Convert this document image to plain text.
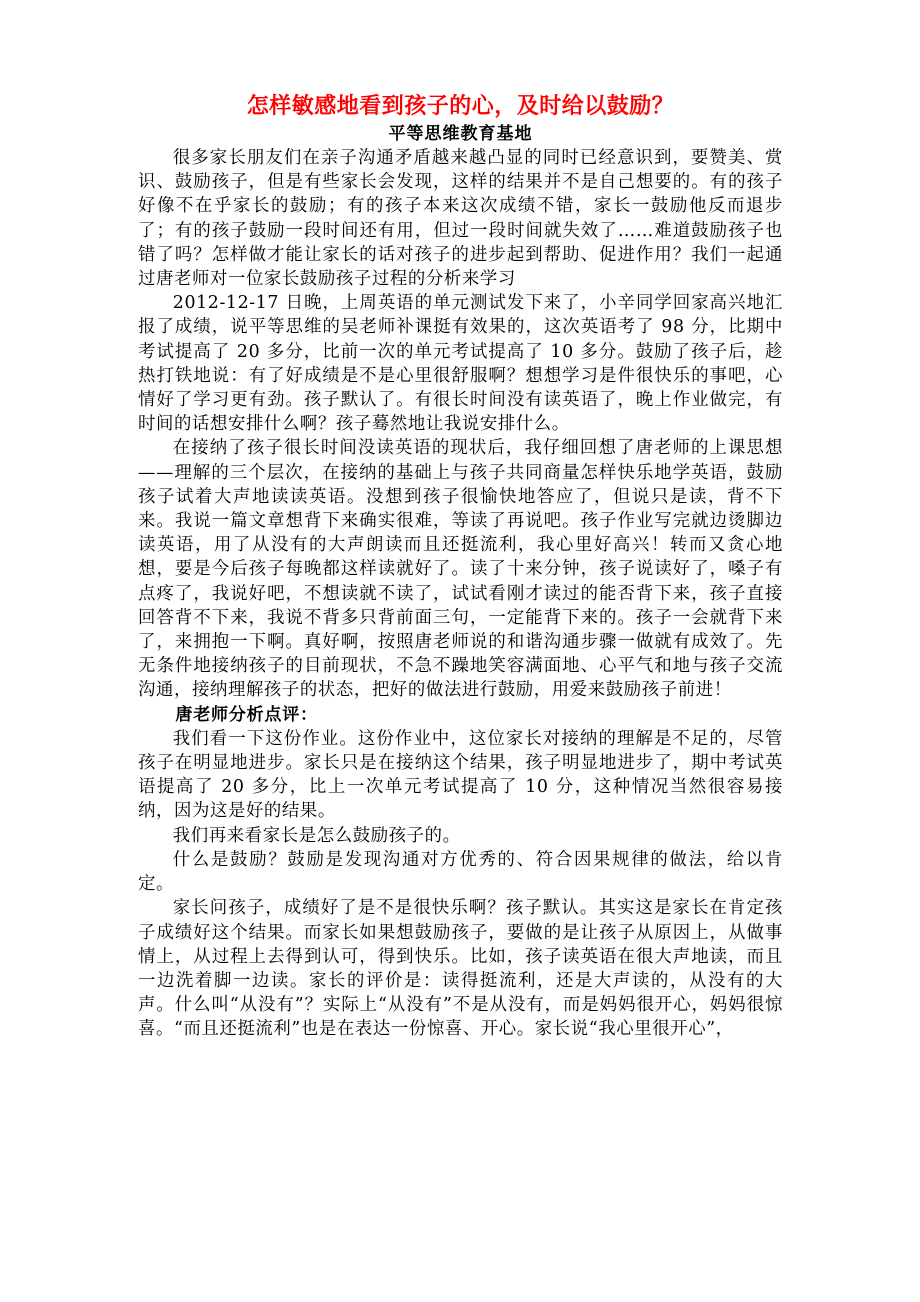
怎样敏感地看到孩子的心，及时给以鼓励？
平等思维教育基地

很多家长朋友们在亲子沟通矛盾越来越凸显的同时已经意识到，要赞美、赏识、鼓励孩子，但是有些家长会发现，这样的结果并不是自己想要的。有的孩子好像不在乎家长的鼓励；有的孩子本来这次成绩不错，家长一鼓励他反而退步了；有的孩子鼓励一段时间还有用，但过一段时间就失效了……难道鼓励孩子也错了吗？怎样做才能让家长的话对孩子的进步起到帮助、促进作用？我们一起通过唐老师对一位家长鼓励孩子过程的分析来学习

2012-12-17 日晚，上周英语的单元测试发下来了，小辛同学回家高兴地汇报了成绩，说平等思维的吴老师补课挺有效果的，这次英语考了 98 分，比期中考试提高了 20 多分，比前一次的单元考试提高了 10 多分。鼓励了孩子后，趁热打铁地说：有了好成绩是不是心里很舒服啊？想想学习是件很快乐的事吧，心情好了学习更有劲。孩子默认了。有很长时间没有读英语了，晚上作业做完，有时间的话想安排什么啊？孩子蓦然地让我说安排什么。

在接纳了孩子很长时间没读英语的现状后，我仔细回想了唐老师的上课思想——理解的三个层次，在接纳的基础上与孩子共同商量怎样快乐地学英语，鼓励孩子试着大声地读读英语。没想到孩子很愉快地答应了，但说只是读，背不下来。我说一篇文章想背下来确实很难，等读了再说吧。孩子作业写完就边烫脚边读英语，用了从没有的大声朗读而且还挺流利，我心里好高兴！转而又贪心地想，要是今后孩子每晚都这样读就好了。读了十来分钟，孩子说读好了，嗓子有点疼了，我说好吧，不想读就不读了，试试看刚才读过的能否背下来，孩子直接回答背不下来，我说不背多只背前面三句，一定能背下来的。孩子一会就背下来了，来拥抱一下啊。真好啊，按照唐老师说的和谐沟通步骤一做就有成效了。先无条件地接纳孩子的目前现状，不急不躁地笑容满面地、心平气和地与孩子交流沟通，接纳理解孩子的状态，把好的做法进行鼓励，用爱来鼓励孩子前进！

唐老师分析点评：

我们看一下这份作业。这份作业中，这位家长对接纳的理解是不足的，尽管孩子在明显地进步。家长只是在接纳这个结果，孩子明显地进步了，期中考试英语提高了 20 多分，比上一次单元考试提高了 10 分，这种情况当然很容易接纳，因为这是好的结果。

我们再来看家长是怎么鼓励孩子的。

什么是鼓励？鼓励是发现沟通对方优秀的、符合因果规律的做法，给以肯定。

家长问孩子，成绩好了是不是很快乐啊？孩子默认。其实这是家长在肯定孩子成绩好这个结果。而家长如果想鼓励孩子，要做的是让孩子从原因上，从做事情上，从过程上去得到认可，得到快乐。比如，孩子读英语在很大声地读，而且一边洗着脚一边读。家长的评价是：读得挺流利，还是大声读的，从没有的大声。什么叫“从没有”？实际上“从没有”不是从没有，而是妈妈很开心，妈妈很惊喜。“而且还挺流利”也是在表达一份惊喜、开心。家长说“我心里很开心”，
